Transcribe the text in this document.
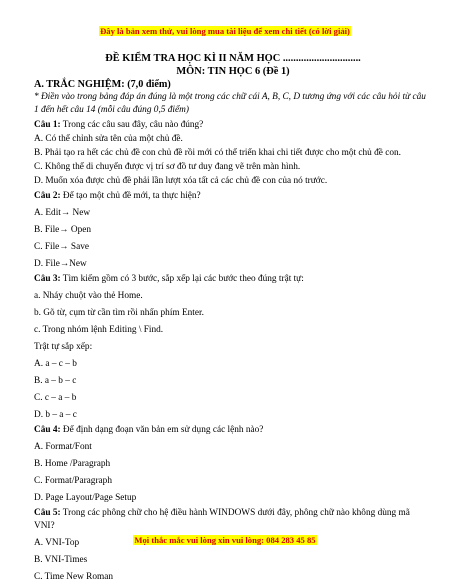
Đây là bản xem thử, vui lòng mua tài liệu để xem chi tiết (có lời giải)
ĐỀ KIỂM TRA HỌC KÌ II NĂM HỌC ..............................
MÔN: TIN HỌC 6 (Đề 1)
A. TRẮC NGHIỆM: (7,0 điểm)
* Điền vào trong bảng đáp án đúng là một trong các chữ cái A, B, C, D tương ứng với các câu hỏi từ câu 1 đến hết câu 14 (mỗi câu đúng 0,5 điểm)
Câu 1: Trong các câu sau đây, câu nào đúng?
A. Có thể chỉnh sửa tên của một chủ đề.
B. Phải tạo ra hết các chủ đề con chủ đề rồi mới có thể triển khai chi tiết được cho một chủ đề con.
C. Không thể di chuyển được vị trí sơ đồ tư duy đang vẽ trên màn hình.
D. Muốn xóa được chủ đề phải lần lượt xóa tất cả các chủ đề con của nó trước.
Câu 2: Để tạo một chủ đề mới, ta thực hiện?
A. Edit→ New
B. File→ Open
C. File→ Save
D. File→New
Câu 3: Tìm kiếm gồm có 3 bước, sắp xếp lại các bước theo đúng trật tự:
a. Nháy chuột vào thẻ Home.
b. Gõ từ, cụm từ cần tìm rồi nhấn phím Enter.
c. Trong nhóm lệnh Editing \ Find.
Trật tự sắp xếp:
A. a – c – b
B. a – b – c
C. c – a – b
D. b – a – c
Câu 4: Để định dạng đoạn văn bản em sử dụng các lệnh nào?
A. Format/Font
B. Home /Paragraph
C. Format/Paragraph
D. Page Layout/Page Setup
Câu 5: Trong các phông chữ cho hệ điều hành WINDOWS dưới đây, phông chữ nào không dùng mã VNI?
A. VNI-Top
B. VNI-Times
C. Time New Roman
Mọi thắc mắc vui lòng xin vui lòng: 084 283 45 85
